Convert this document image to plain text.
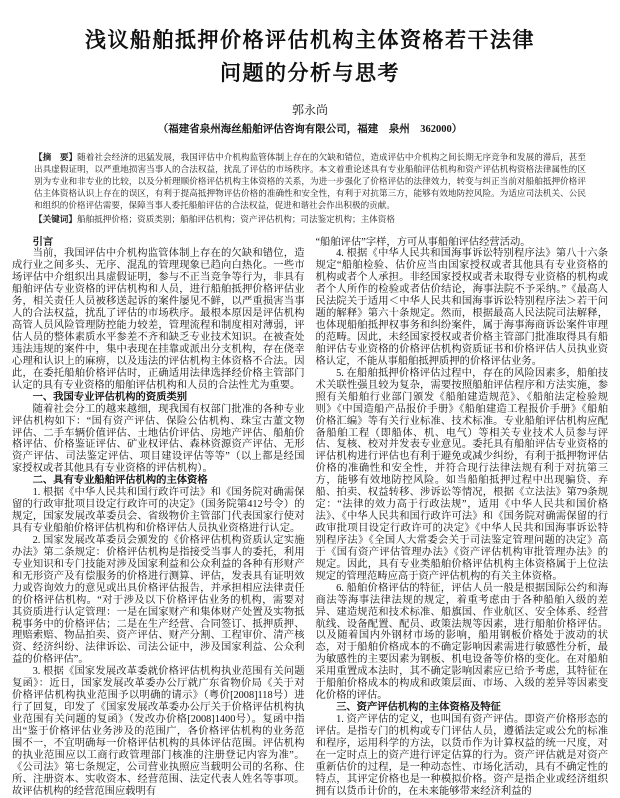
浅议船舶抵押价格评估机构主体资格若干法律
问题的分析与思考
郭永尚
（福建省泉州海丝船舶评估咨询有限公司，福建　泉州　362000）
【摘　要】随着社会经济的迅猛发展，我国评估中介机构监管体制上存在的欠缺和错位，造成评估中介机构之间长期无序竞争和发展的滞后，甚至出具虚假证明，以严重地损害当事人的合法权益，扰乱了评估的市场秩序。本文着重论述具有专业船舶评估机构和资产评估机构资格法律属性的区别为专业和非专业的比较，以及分析理顺价格评估机构主体资格的关系，为进一步强化了价格评估的法律效力，转变与纠正当前对船舶抵押价格评估主体资格认识上存在的误区，有利于提高抵押物评估价格的准确性和安全性，有利于对抗第三方，能够有效地防控风险。为适应司法机关、公民和组织的价格评估需要，保障当事人委托船舶评估的合法权益，促进和谐社会作出积极的贡献。
【关键词】船舶抵押价格；资质类别；船舶评估机构；资产评估机构；司法鉴定机构；主体资格
引言

当前，我国评估中介机构监管体制上存在的欠缺和错位，造成行业之间多头、无序、混乱的管理现象已趋向白热化。一些市场评估中介组织出具虚假证明，参与不正当竞争等行为，非具有船舶评估专业资格的评估机构和人员，进行船舶抵押价格评估业务，相关责任人员被移送起诉的案件屡见不鲜，以严重损害当事人的合法权益，扰乱了评估的市场秩序。最根本原因是评估机构高管人员风险管理防控能力较差，管理流程和制度相对薄弱，评估人员的整体素质水平参差不齐和缺乏专业技术知识。在被查处违法违规的案件中，集中表现在挂靠或派出分支机构，存在侥幸心理和认识上的麻痹，以及违法的评估机构主体资格不合法。因此，在委托船舶价格评估时，正确适用法律选择经价格主管部门认定的具有专业资格的船舶评估机构和人员的合法性尤为重要。

一、我国专业评估机构的资质类别

随着社会分工的越来越细，现我国有权部门批准的各种专业评估机构如下：“国有资产评估、保险公估机构、珠宝古董文物评估、二手车辆价值评估、土地估价评估、房地产评估、船舶价格评估、价格鉴证评估、矿业权评估、森林资源资产评估、无形资产评估、司法鉴定评估、项目建设评估等等”（以上都是经国家授权或者其他具有专业资格的评估机构）。

二、具有专业船舶评估机构的主体资格

1. 根据《中华人民共和国行政许可法》和《国务院对确需保留的行政审批项目设定行政许可的决定》（国务院第412号令）的规定，国家发展改革委员会、省级物价主管部门代表国家行使对具有专业船舶价格评估机构和价格评估人员执业资格进行认定。

2. 国家发展改革委员会颁发的《价格评估机构资质认定实施办法》第二条规定：价格评估机构是指接受当事人的委托，利用专业知识和专门技能对涉及国家利益和公众利益的各种有形财产和无形资产及有偿服务的价格进行测算、评估，发表具有证明效力或咨询效力的意见或出具价格评估报告，并承担相应法律责任的价格评估机构。“对于涉及以下价格评估业务的机构，需要对其资质进行认定管理：一是在国家财产和集体财产处置及实物抵税事务中的价格评估；二是在生产经营、合同签订、抵押质押、理赔索赔、物品拍卖、资产评估、财产分割、工程审价、清产核资、经济纠纷、法律诉讼、司法公证中，涉及国家利益、公众利益的价格评估”。

3. 根据《国家发展改革委就价格评估机构执业范围有关问题复函》：近日，国家发展改革委办公厅就广东省物价局《关于对价格评估机构执业范围予以明确的请示》（粤价[2008]118号）进行了回复，印发了《国家发展改革委办公厅关于价格评估机构执业范围有关问题的复函》（发改办价格[2008]1400号）。复函中指出“鉴于价格评估业务涉及的范围广，各价格评估机构的业务范围不一，不宜明确每一价格评估机构的具体评估范围。评估机构的执业范围应以工商行政管理部门核准的注册登记内容为准”。《公司法》第七条规定，公司营业执照应当载明公司的名称、住所、注册资本、实收资本、经营范围、法定代表人姓名等事项。故评估机构的经营范围应载明有

“船舶评估”字样，方可从事船舶评估经营活动。

4. 根据《中华人民共和国海事诉讼特别程序法》第八十六条规定“船舶检验、估价应当由国家授权或者其他具有专业资格的机构或者个人承担。非经国家授权或者未取得专业资格的机构或者个人所作的检验或者估价结论，海事法院不予采纳。”《最高人民法院关于适用＜中华人民共和国海事诉讼特别程序法＞若干问题的解释》第六十条规定。然而，根据最高人民法院司法解释，也体现船舶抵押权事务和纠纷案件，属于海事海商诉讼案件审理的范畴。因此，未经国家授权或者价格主管部门批准取得具有船舶评估专业资格的价格评估机构资质证书和价格评估人员执业资格认定，不能从事船舶抵押质押的价格评估业务。

5. 在船舶抵押价格评估过程中，存在的风险因素多，船舶技术关联性强且较为复杂，需要按照船舶评估程序和方法实施，参照有关船舶行业部门颁发《船舶建造规范》、《船舶法定检验规则》《中国造船产品报价手册》《船舶建造工程报价手册》《船舶价格汇编》等有关行业标准、技术标准。专业船舶评估机构应配备船舶工程（即船体、机、电气）等相关专业技术人员参与评估、复核、校对并发表专业意见。委托具有船舶评估专业资格的评估机构进行评估也有利于避免或减少纠纷，有利于抵押物评估价格的准确性和安全性，并符合现行法律法规有利于对抗第三方，能够有效地防控风险。如当船舶抵押过程中出现骗贷、弃船、拍卖、权益转移、涉诉讼等情况，根据《立法法》第79条规定：“法律的效力高于行政法规”，适用《中华人民共和国价格法》、《中华人民共和国行政许可法》和《国务院对确需保留的行政审批项目设定行政许可的决定》《中华人民共和国海事诉讼特别程序法》《全国人大常委会关于司法鉴定管理问题的决定》高于《国有资产评估管理办法》《资产评估机构审批管理办法》的规定。因此，具有专业类船舶价格评估机构主体资格属于上位法规定的管理范畴应高于资产评估机构的有关主体资格。

6. 船舶价格评估的特征，评估人员一般是根据国际公约和海商法等海事法律法规的规定，着重考虑由于各种船舶入级的差异、建造规范和技术标准、船旗国、作业航区、安全体系、经营航线、设备配置、配员、政策法规等因素，进行船舶价格评估。以及随着国内外钢材市场的影响，船用钢板价格处于波动的状态，对于船舶价格成本的不确定影响因素需进行敏感性分析，最为敏感性的主要因素为钢板、机电设备等价格的变化。在对船舶采用重置成本法时，其不确定影响因素应已给予考虑，其特征在于船舶价格成本的构成和政策层面、市场、入级的差异等因素变化价格的评估。

三、资产评估机构的主体资格及特征

1. 资产评估的定义，也叫国有资产评估。即资产价格形态的评估。是指专门的机构或专门评估人员，遵循法定或公允的标准和程序，运用科学的方法，以货币作为计算权益的统一尺度，对在一定时点上的资产进行评定估算的行为。资产评估就是对资产重新估价的过程，是一种动态性、市场化活动，具有不确定性的特点，其评定价格也是一种模拟价格。资产是指企业或经济组织拥有以货币计价的，在未来能够带来经济利益的
